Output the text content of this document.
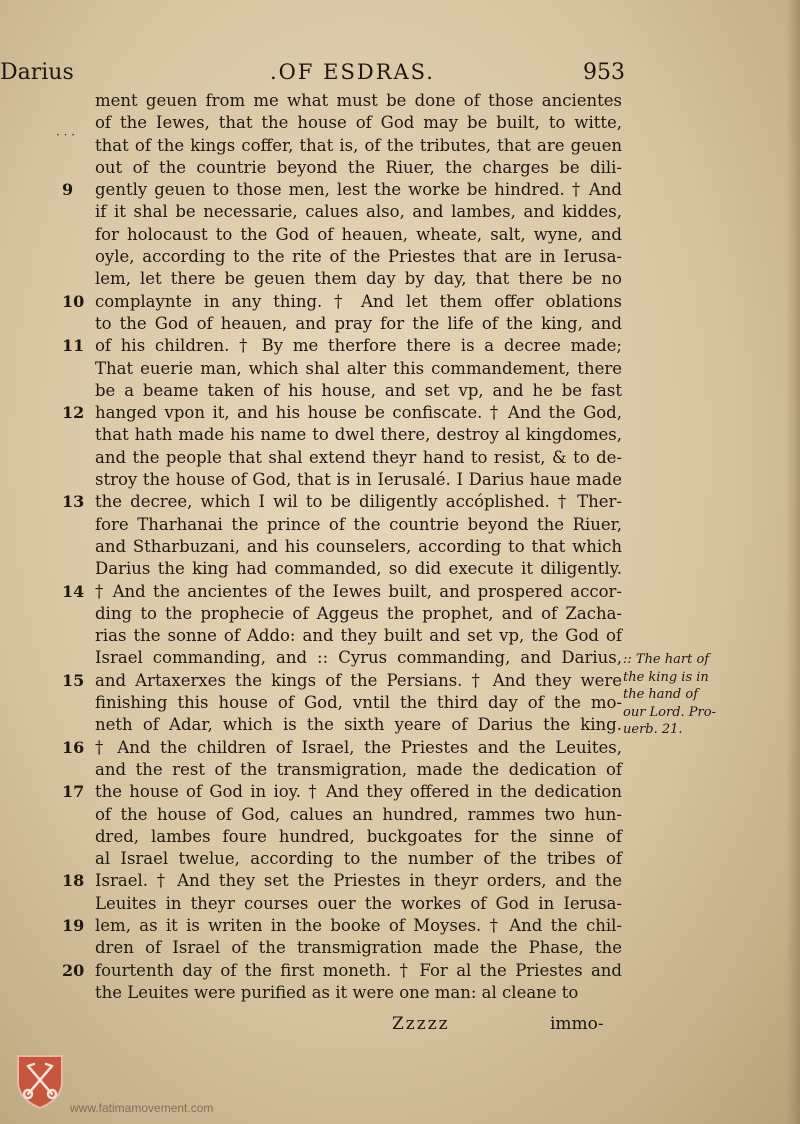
Darius	.OF ESDRAS.	953
· · ·
ment geuen from me what must be done of those ancientes
of the Iewes, that the house of God may be built, to witte,
that of the kings coffer, that is, of the tributes, that are geuen
out of the countrie beyond the Riuer, the charges be dili-
9	gently geuen to those men, lest the worke be hindred. † And
if it shal be necessarie, calues also, and lambes, and kiddes,
for holocaust to the God of heauen, wheate, salt, wyne, and
oyle, according to the rite of the Priestes that are in Ierusa-
lem, let there be geuen them day by day, that there be no
10 complaynte in any thing. † And let them offer oblations
to the God of heauen, and pray for the life of the king, and
11 of his children. † By me therfore there is a decree made;
That euerie man, which shal alter this commandement, there
be a beame taken of his house, and set vp, and he be fast
12 hanged vpon it, and his house be confiscate. † And the God,
that hath made his name to dwel there, destroy al kingdomes,
and the people that shal extend theyr hand to resist, & to de-
stroy the house of God, that is in Ierusalé. I Darius haue made
13 the decree, which I wil to be diligently accóplished. † Ther-
fore Tharhanai the prince of the countrie beyond the Riuer,
and Stharbuzani, and his counselers, according to that which
Darius the king had commanded, so did execute it diligently.
14 † And the ancientes of the Iewes built, and prospered accor-
ding to the prophecie of Aggeus the prophet, and of Zacha-
rias the sonne of Addo: and they built and set vp, the God of
Israel commanding, and :: Cyrus commanding, and Darius,
15 and Artaxerxes the kings of the Persians. † And they were
finishing this house of God, vntil the third day of the mo-
neth of Adar, which is the sixth yeare of Darius the king.
16 † And the children of Israel, the Priestes and the Leuites,
and the rest of the transmigration, made the dedication of
17 the house of God in ioy. † And they offered in the dedication
of the house of God, calues an hundred, rammes two hun-
dred, lambes foure hundred, buckgoates for the sinne of
al Israel twelue, according to the number of the tribes of
18 Israel. † And they set the Priestes in theyr orders, and the
Leuites in theyr courses ouer the workes of God in Ierusa-
19 lem, as it is writen in the booke of Moyses. † And the chil-
dren of Israel of the transmigration made the Phase, the
20 fourtenth day of the first moneth. † For al the Priestes and
the Leuites were purified as it were one man: al cleane to
:: The hart of
the king is in
the hand of
our Lord. Pro-
uerb. 21.
Zzzzz	immo-
www.fatimamovement.com
